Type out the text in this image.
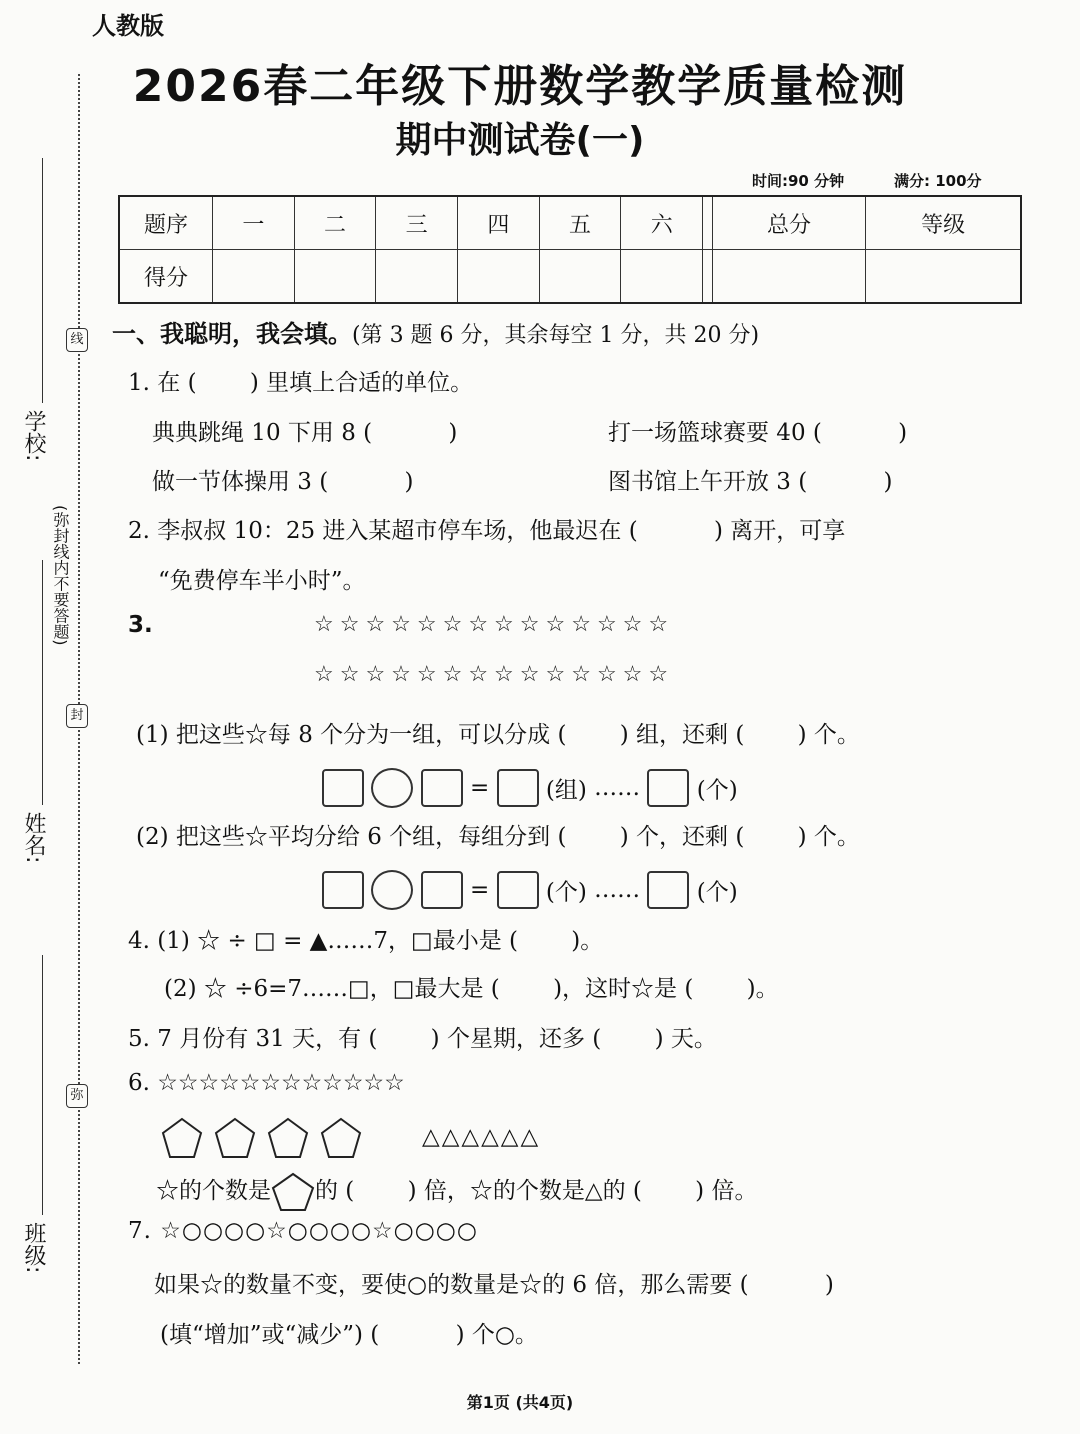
人教版
2026春二年级下册数学教学质量检测
期中测试卷(一)
时间:90 分钟	满分: 100分
题序	一	二	三	四	五	六		总分	等级
得分									
学校:
姓名:
班级:
线
封
弥
(弥封线内不要答题)
一、我聪明，我会填。(第 3 题 6 分，其余每空 1 分，共 20 分)
1. 在 (　　 ) 里填上合适的单位。
典典跳绳 10 下用 8 (　　　 )	打一场篮球赛要 40 (　　　 )
做一节体操用 3 (　　　 )	图书馆上午开放 3 (　　　 )
2. 李叔叔 10：25 进入某超市停车场，他最迟在 (　　　 ) 离开，可享
“免费停车半小时”。
3.	☆☆☆☆☆☆☆☆☆☆☆☆☆☆
☆☆☆☆☆☆☆☆☆☆☆☆☆☆
(1) 把这些☆每 8 个分为一组，可以分成 (　　 ) 组，还剩 (　　 ) 个。
= (组) …… (个)
(2) 把这些☆平均分给 6 个组，每组分到 (　　 ) 个，还剩 (　　 ) 个。
= (个) …… (个)
4. (1) ☆ ÷ □ = ▲……7，□最小是 (　　 )。
(2) ☆ ÷6=7……□，□最大是 (　　 )，这时☆是 (　　 )。
5. 7 月份有 31 天，有 (　　 ) 个星期，还多 (　　 ) 天。
6. ☆☆☆☆☆☆☆☆☆☆☆☆
△△△△△△
☆的个数是 的 (　　 ) 倍，☆的个数是△的 (　　 ) 倍。
7. ☆○○○○☆○○○○☆○○○○
如果☆的数量不变，要使○的数量是☆的 6 倍，那么需要 (　　　 )
(填“增加”或“减少”) (　　　 ) 个○。
第1页 (共4页)
